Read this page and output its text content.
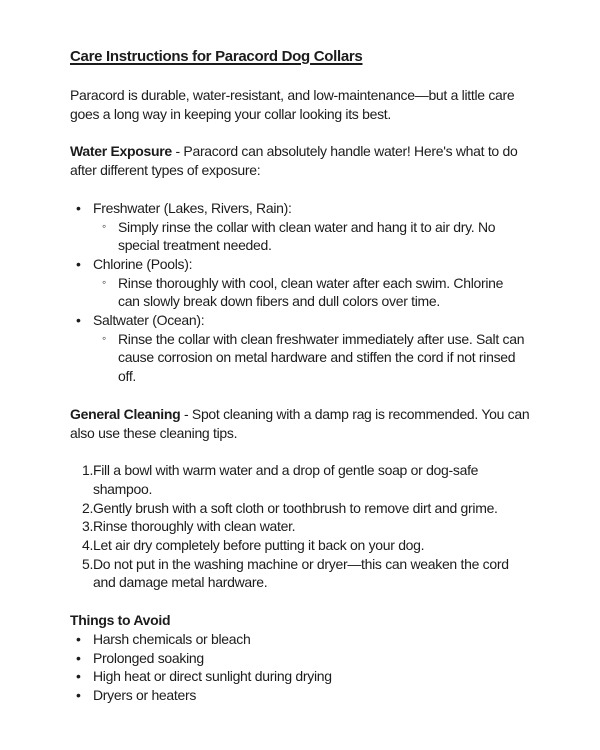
Care Instructions for Paracord Dog Collars

Paracord is durable, water-resistant, and low-maintenance—but a little care
goes a long way in keeping your collar looking its best.

Water Exposure - Paracord can absolutely handle water! Here's what to do
after different types of exposure:

• Freshwater (Lakes, Rivers, Rain):
◦ Simply rinse the collar with clean water and hang it to air dry. No
special treatment needed.
• Chlorine (Pools):
◦ Rinse thoroughly with cool, clean water after each swim. Chlorine
can slowly break down fibers and dull colors over time.
• Saltwater (Ocean):
◦ Rinse the collar with clean freshwater immediately after use. Salt can
cause corrosion on metal hardware and stiffen the cord if not rinsed
off.

General Cleaning - Spot cleaning with a damp rag is recommended. You can
also use these cleaning tips.

1. Fill a bowl with warm water and a drop of gentle soap or dog-safe
shampoo.
2. Gently brush with a soft cloth or toothbrush to remove dirt and grime.
3. Rinse thoroughly with clean water.
4. Let air dry completely before putting it back on your dog.
5. Do not put in the washing machine or dryer—this can weaken the cord
and damage metal hardware.

Things to Avoid

• Harsh chemicals or bleach
• Prolonged soaking
• High heat or direct sunlight during drying
• Dryers or heaters
